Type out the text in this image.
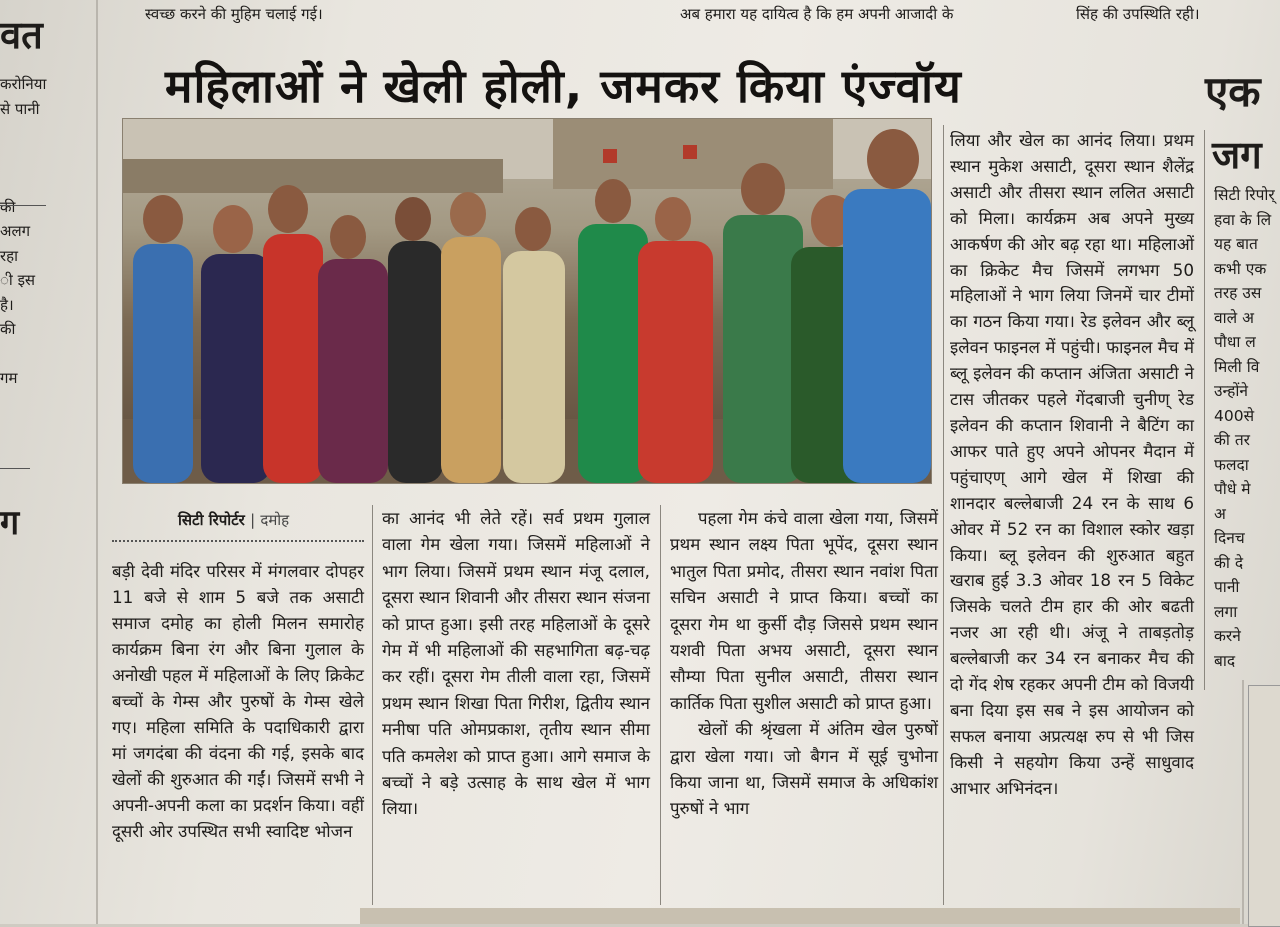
स्वच्छ करने की मुहिम चलाई गई।	अब हमारा यह दायित्व है कि हम अपनी आजादी के	सिंह की उपस्थिति रही।
महिलाओं ने खेली होली, जमकर किया एंज्वॉय
वत
करोनिया
से पानी
की
अलग
रहा
ी इस
है।
की
गम
ग
एक
जग
सिटी रिपोर्
हवा के लि
यह बात
कभी एक
तरह उस
वाले अ
पौधा ल
मिली वि
उन्होंने
400से
की तर
फलदा
पौधे मे
अ
दिनच
की दे
पानी
लगा
करने
बाद
सिटी रिपोर्टर | दमोह

बड़ी देवी मंदिर परिसर में मंगलवार दोपहर 11 बजे से शाम 5 बजे तक असाटी समाज दमोह का होली मिलन समारोह कार्यक्रम बिना रंग और बिना गुलाल के अनोखी पहल में महिलाओं के लिए क्रिकेट बच्चों के गेम्स और पुरुषों के गेम्स खेले गए। महिला समिति के पदाधिकारी द्वारा मां जगदंबा की वंदना की गई, इसके बाद खेलों की शुरुआत की गईं। जिसमें सभी ने अपनी-अपनी कला का प्रदर्शन किया। वहीं दूसरी ओर उपस्थित सभी स्वादिष्ट भोजन

का आनंद भी लेते रहें। सर्व प्रथम गुलाल वाला गेम खेला गया। जिसमें महिलाओं ने भाग लिया। जिसमें प्रथम स्थान मंजू दलाल, दूसरा स्थान शिवानी और तीसरा स्थान संजना को प्राप्त हुआ। इसी तरह महिलाओं के दूसरे गेम में भी महिलाओं की सहभागिता बढ़-चढ़ कर रहीं। दूसरा गेम तीली वाला रहा, जिसमें प्रथम स्थान शिखा पिता गिरीश, द्वितीय स्थान मनीषा पति ओमप्रकाश, तृतीय स्थान सीमा पति कमलेश को प्राप्त हुआ। आगे समाज के बच्चों ने बड़े उत्साह के साथ खेल में भाग लिया।

पहला गेम कंचे वाला खेला गया, जिसमें प्रथम स्थान लक्ष्य पिता भूपेंद, दूसरा स्थान भातुल पिता प्रमोद, तीसरा स्थान नवांश पिता सचिन असाटी ने प्राप्त किया। बच्चों का दूसरा गेम था कुर्सी दौड़ जिससे प्रथम स्थान यशवी पिता अभय असाटी, दूसरा स्थान सौम्या पिता सुनील असाटी, तीसरा स्थान कार्तिक पिता सुशील असाटी को प्राप्त हुआ।

खेलों की श्रृंखला में अंतिम खेल पुरुषों द्वारा खेला गया। जो बैगन में सूई चुभोना किया जाना था, जिसमें समाज के अधिकांश पुरुषों ने भाग

लिया और खेल का आनंद लिया। प्रथम स्थान मुकेश असाटी, दूसरा स्थान शैलेंद्र असाटी और तीसरा स्थान ललित असाटी को मिला। कार्यक्रम अब अपने मुख्य आकर्षण की ओर बढ़ रहा था। महिलाओं का क्रिकेट मैच जिसमें लगभग 50 महिलाओं ने भाग लिया जिनमें चार टीमों का गठन किया गया। रेड इलेवन और ब्लू इलेवन फाइनल में पहुंची। फाइनल मैच में ब्लू इलेवन की कप्तान अंजिता असाटी ने टास जीतकर पहले गेंदबाजी चुनीण् रेड इलेवन की कप्तान शिवानी ने बैटिंग का आफर पाते हुए अपने ओपनर मैदान में पहुंचाएण् आगे खेल में शिखा की शानदार बल्लेबाजी 24 रन के साथ 6 ओवर में 52 रन का विशाल स्कोर खड़ा किया। ब्लू इलेवन की शुरुआत बहुत खराब हुई 3.3 ओवर 18 रन 5 विकेट जिसके चलते टीम हार की ओर बढती नजर आ रही थी। अंजू ने ताबड़तोड़ बल्लेबाजी कर 34 रन बनाकर मैच की दो गेंद शेष रहकर अपनी टीम को विजयी बना दिया इस सब ने इस आयोजन को सफल बनाया अप्रत्यक्ष रुप से भी जिस किसी ने सहयोग किया उन्हें साधुवाद आभार अभिनंदन।
